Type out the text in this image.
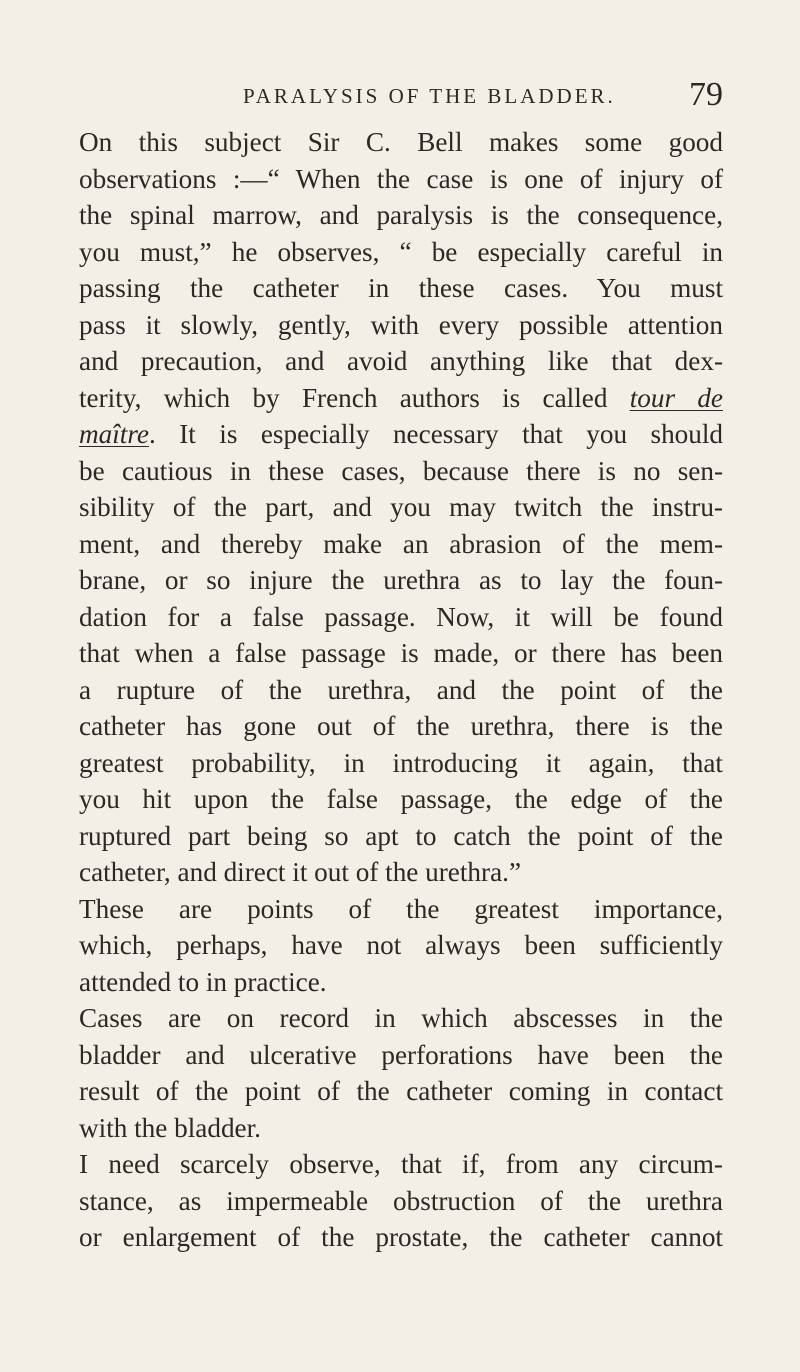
PARALYSIS OF THE BLADDER. 79

On this subject Sir C. Bell makes some good
observations :—“ When the case is one of injury of
the spinal marrow, and paralysis is the consequence,
you must,” he observes, “ be especially careful in
passing the catheter in these cases. You must
pass it slowly, gently, with every possible attention
and precaution, and avoid anything like that dex-
terity, which by French authors is called tour de
maître. It is especially necessary that you should
be cautious in these cases, because there is no sen-
sibility of the part, and you may twitch the instru-
ment, and thereby make an abrasion of the mem-
brane, or so injure the urethra as to lay the foun-
dation for a false passage. Now, it will be found
that when a false passage is made, or there has been
a rupture of the urethra, and the point of the
catheter has gone out of the urethra, there is the
greatest probability, in introducing it again, that
you hit upon the false passage, the edge of the
ruptured part being so apt to catch the point of the
catheter, and direct it out of the urethra.”

These are points of the greatest importance,
which, perhaps, have not always been sufficiently
attended to in practice.

Cases are on record in which abscesses in the
bladder and ulcerative perforations have been the
result of the point of the catheter coming in contact
with the bladder.

I need scarcely observe, that if, from any circum-
stance, as impermeable obstruction of the urethra
or enlargement of the prostate, the catheter cannot
